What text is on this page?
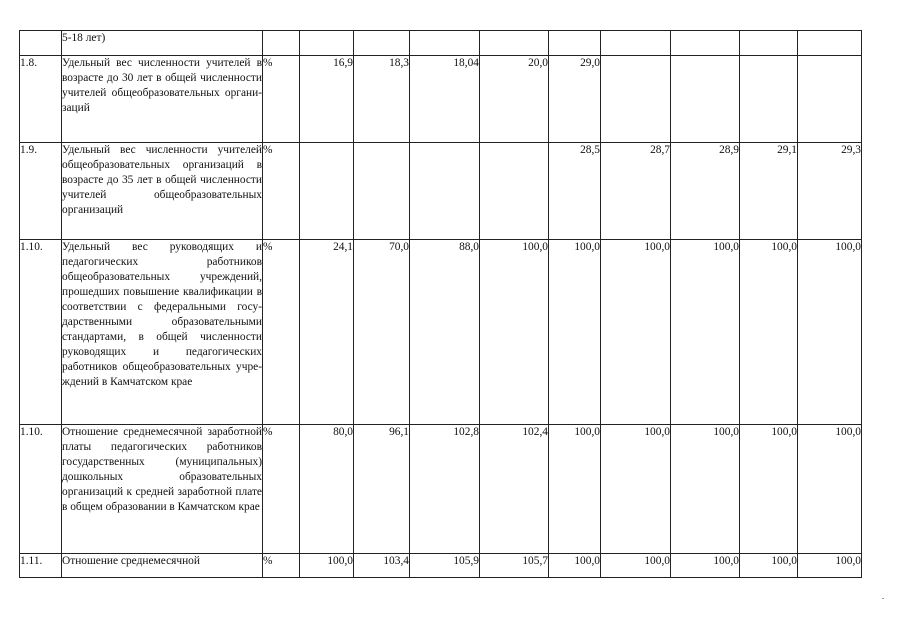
	5-18 лет)										
1.8.	Удельный вес численности учителей в возрасте до 30 лет в общей численности учителей общеобразовательных организаций	%	16,9	18,3	18,04	20,0	29,0				
1.9.	Удельный вес численности учителей общеобразовательных организаций в возрасте до 35 лет в общей численности учителей общеобразовательных организаций	%					28,5	28,7	28,9	29,1	29,3
1.10.	Удельный вес руководящих и педагогических работников общеобразовательных учреждений, прошедших повышение квалификации в соответствии с федеральными государственными образовательными стандартами, в общей численности руководящих и педагогических работников общеобразовательных учреждений в Камчатском крае	%	24,1	70,0	88,0	100,0	100,0	100,0	100,0	100,0	100,0
1.10.	Отношение среднемесячной заработной платы педагогических работников государственных (муниципальных) дошкольных образовательных организаций к средней заработной плате в общем образовании в Камчатском крае	%	80,0	96,1	102,8	102,4	100,0	100,0	100,0	100,0	100,0
1.11.	Отношение среднемесячной	%	100,0	103,4	105,9	105,7	100,0	100,0	100,0	100,0	100,0
